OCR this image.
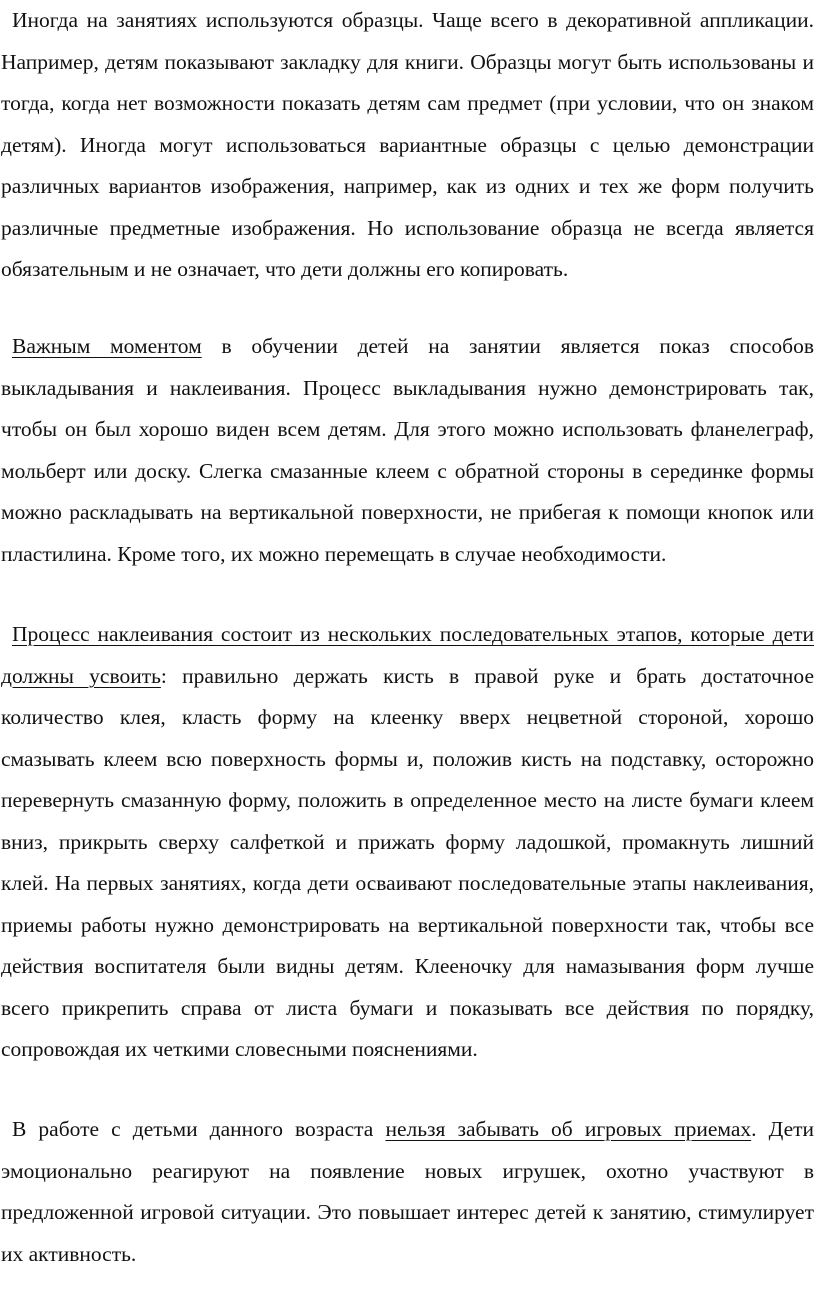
Иногда на занятиях используются образцы. Чаще всего в декоративной аппликации. Например, детям показывают закладку для книги. Образцы могут быть использованы и тогда, когда нет возможности показать детям сам предмет (при условии, что он знаком детям). Иногда могут использоваться вариантные образцы с целью демонстрации различных вариантов изображения, например, как из одних и тех же форм получить различные предметные изображения. Но использование образца не всегда является обязательным и не означает, что дети должны его копировать.

Важным моментом в обучении детей на занятии является показ способов выкладывания и наклеивания. Процесс выкладывания нужно демонстрировать так, чтобы он был хорошо виден всем детям. Для этого можно использовать фланелеграф, мольберт или доску. Слегка смазанные клеем с обратной стороны в серединке формы можно раскладывать на вертикальной поверхности, не прибегая к помощи кнопок или пластилина. Кроме того, их можно перемещать в случае необходимости.

Процесс наклеивания состоит из нескольких последовательных этапов, которые дети должны усвоить: правильно держать кисть в правой руке и брать достаточное количество клея, класть форму на клеенку вверх нецветной стороной, хорошо смазывать клеем всю поверхность формы и, положив кисть на подставку, осторожно перевернуть смазанную форму, положить в определенное место на листе бумаги клеем вниз, прикрыть сверху салфеткой и прижать форму ладошкой, промакнуть лишний клей. На первых занятиях, когда дети осваивают последовательные этапы наклеивания, приемы работы нужно демонстрировать на вертикальной поверхности так, чтобы все действия воспитателя были видны детям. Клееночку для намазывания форм лучше всего прикрепить справа от листа бумаги и показывать все действия по порядку, сопровождая их четкими словесными пояснениями.

В работе с детьми данного возраста нельзя забывать об игровых приемах. Дети эмоционально реагируют на появление новых игрушек, охотно участвуют в предложенной игровой ситуации. Это повышает интерес детей к занятию, стимулирует их активность.
